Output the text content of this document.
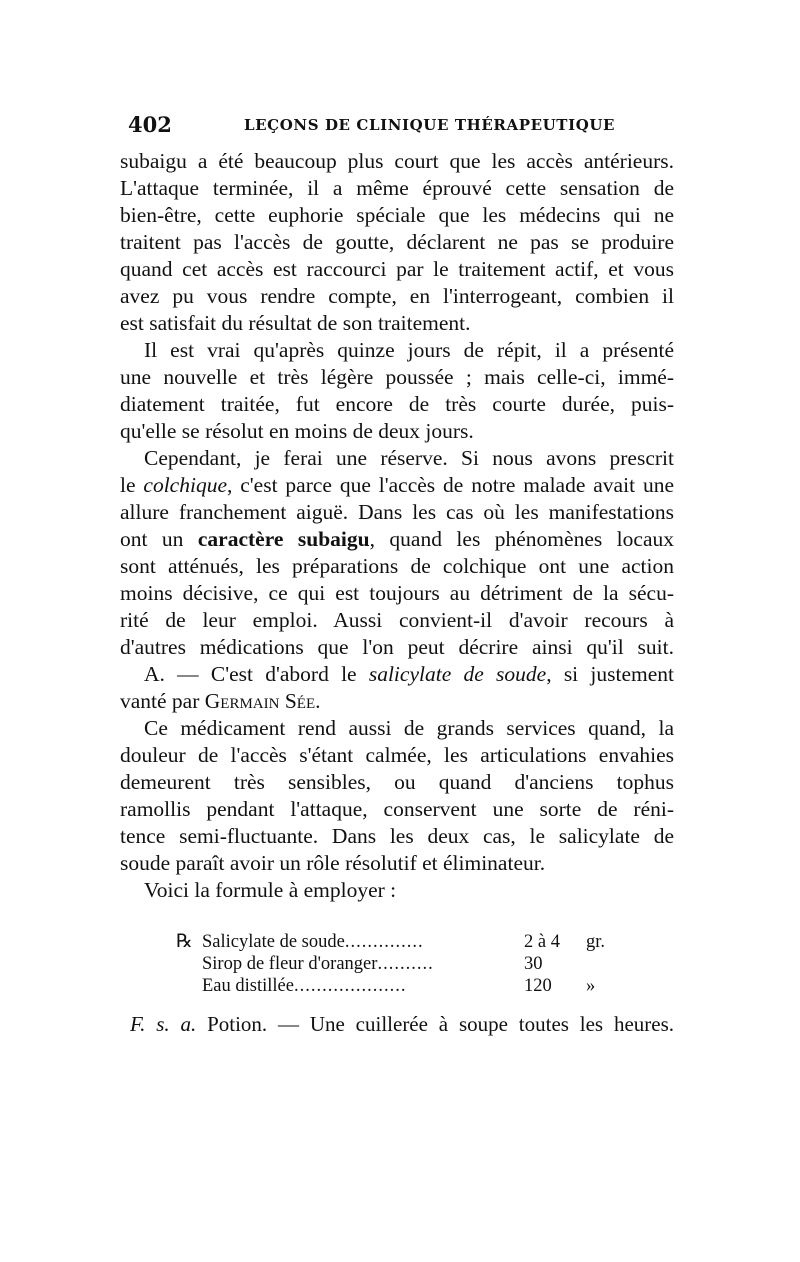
402	LEÇONS DE CLINIQUE THÉRAPEUTIQUE
subaigu a été beaucoup plus court que les accès antérieurs.
L'attaque terminée, il a même éprouvé cette sensation de
bien-être, cette euphorie spéciale que les médecins qui ne
traitent pas l'accès de goutte, déclarent ne pas se produire
quand cet accès est raccourci par le traitement actif, et vous
avez pu vous rendre compte, en l'interrogeant, combien il
est satisfait du résultat de son traitement.
Il est vrai qu'après quinze jours de répit, il a présenté
une nouvelle et très légère poussée ; mais celle-ci, immé-
diatement traitée, fut encore de très courte durée, puis-
qu'elle se résolut en moins de deux jours.
Cependant, je ferai une réserve. Si nous avons prescrit
le colchique, c'est parce que l'accès de notre malade avait une
allure franchement aiguë. Dans les cas où les manifestations
ont un caractère subaigu, quand les phénomènes locaux
sont atténués, les préparations de colchique ont une action
moins décisive, ce qui est toujours au détriment de la sécu-
rité de leur emploi. Aussi convient-il d'avoir recours à
d'autres médications que l'on peut décrire ainsi qu'il suit.
A. — C'est d'abord le salicylate de soude, si justement
vanté par Germain Sée.
Ce médicament rend aussi de grands services quand, la
douleur de l'accès s'étant calmée, les articulations envahies
demeurent très sensibles, ou quand d'anciens tophus
ramollis pendant l'attaque, conservent une sorte de réni-
tence semi-fluctuante. Dans les deux cas, le salicylate de
soude paraît avoir un rôle résolutif et éliminateur.
Voici la formule à employer :
℞ Salicylate de soude..............	2 à 4 gr.
Sirop de fleur d'oranger..........	30
Eau distillée....................	120 »
F. s. a. Potion. — Une cuillerée à soupe toutes les heures.
